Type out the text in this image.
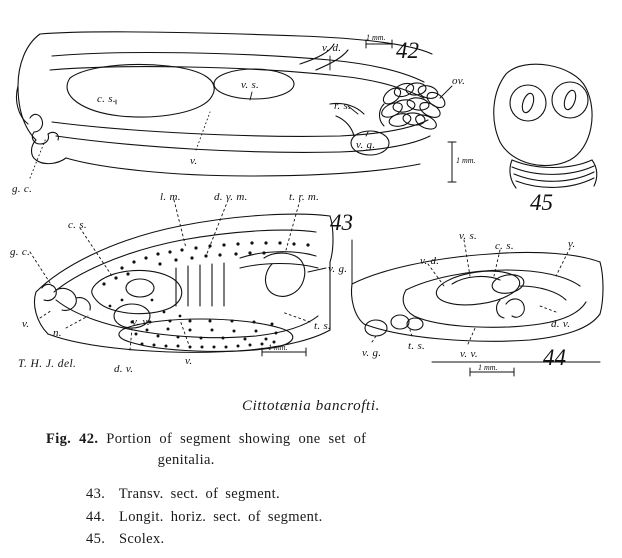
42
43
44
45
1 mm.
1 mm.
1 mm.
1 mm.
v. d.
v. s.
c. s.
r. s.
ov.
v. g.
v.
g. c.
l. m.	d. v. m.	t. r. m.
c. s.
g. c.
v. g.
t. s.
v.
n.
v. v.
d. v.
v.
v. s.
c. s.	v.
v. d.
d. v.
v. g.
t. s.
v. v.
T. H. J. del.
Cittotænia bancrofti.
Fig. 42. Portion of segment showing one set of
genitalia.
43. Transv. sect. of segment.
44. Longit. horiz. sect. of segment.
45. Scolex.
